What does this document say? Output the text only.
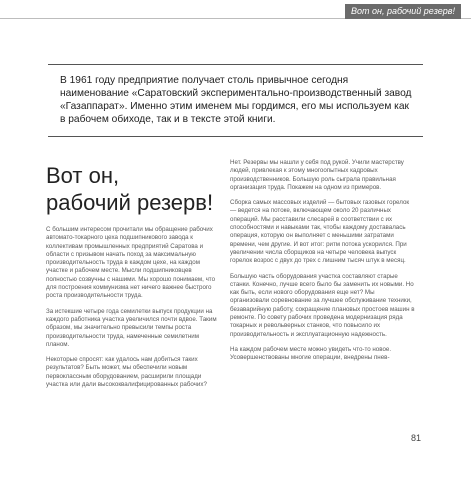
Вот он, рабочий резерв!

В 1961 году предприятие получает столь привычное сегодня наименование «Саратовский экспериментально-производственный завод «Газаппарат». Именно этим именем мы гордимся, его мы используем как в рабочем обиходе, так и в тексте этой книги.

Вот он,
рабочий резерв!

С большим интересом прочитали мы обращение рабочих автомато-токарного цеха подшипникового завода к коллективам промышленных предприятий Саратова и области с призывом начать поход за максимальную производительность труда в каждом цехе, на каждом участке и рабочем месте. Мысли подшипниковцев полностью созвучны с нашими. Мы хорошо понимаем, что для построения коммунизма нет ничего важнее быстрого роста производительности труда.

За истекшие четыре года семилетки выпуск продукции на каждого работника участка увеличился почти вдвое. Таким образом, мы значительно превысили темпы роста производительности труда, намеченные семилетним планом.

Некоторые спросят: как удалось нам добиться таких результатов? Быть может, мы обеспечили новым первоклассным оборудованием, расширили площади участка или дали высококвалифицированных рабочих?

Нет. Резервы мы нашли у себя под рукой. Учили мастерству людей, привлекая к этому многоопытных кадровых производственников. Большую роль сыграла правильная организация труда. Покажем на одном из примеров.

Сборка самых массовых изделий — бытовых газовых горелок — ведется на потоке, включающем около 20 различных операций. Мы расставили слесарей в соответствии с их способностями и навыками так, чтобы каждому доставалась операция, которую он выполняет с меньшими затратами времени, чем другие. И вот итог: ритм потока ускорился. При увеличении числа сборщиков на четыре человека выпуск горелок возрос с двух до трех с лишним тысяч штук в месяц.

Большую часть оборудования участка составляют старые станки. Конечно, лучше всего было бы заменить их новыми. Но как быть, если нового оборудования еще нет? Мы организовали соревнование за лучшее обслуживание техники, безаварийную работу, сокращение плановых простоев машин в ремонте. По совету рабочих проведена модернизация ряда токарных и револьверных станков, что повысило их производительность и эксплуатационную надежность.

На каждом рабочем месте можно увидеть что-то новое. Усовершенствованы многие операции, внедрены пнев-

81
